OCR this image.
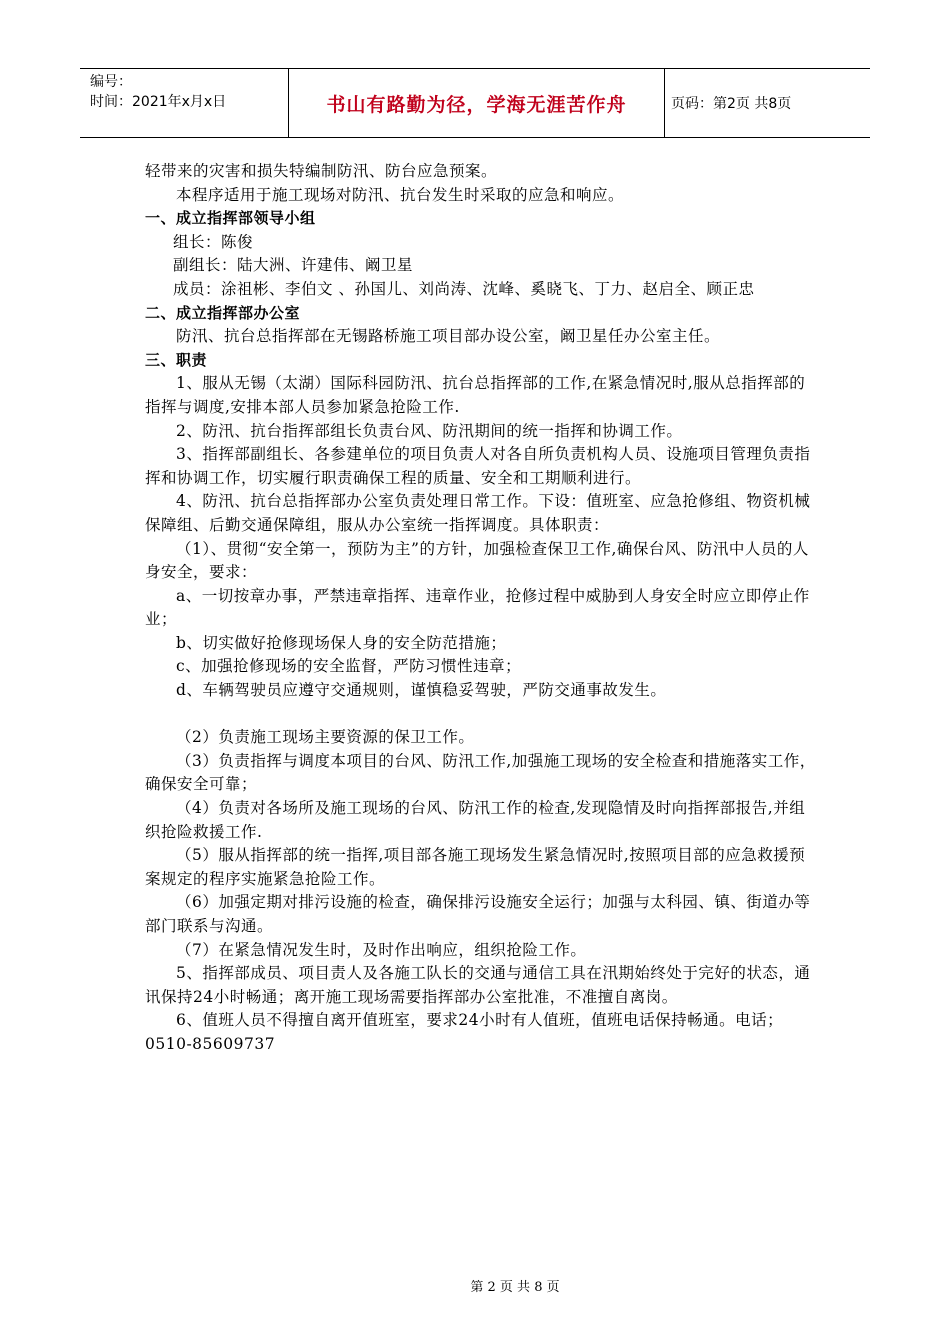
编号：
时间：2021年x月x日	书山有路勤为径，学海无涯苦作舟	页码：第2页 共8页

轻带来的灾害和损失特编制防汛、防台应急预案。

本程序适用于施工现场对防汛、抗台发生时采取的应急和响应。

一、成立指挥部领导小组

组长：陈俊

副组长：陆大洲、许建伟、阚卫星

成员： 涂祖彬、李伯文 、孙国儿、刘尚涛、沈峰、奚晓飞、丁力、赵启全、顾正忠

二、成立指挥部办公室

防汛、抗台总指挥部在无锡路桥施工项目部办设公室，阚卫星任办公室主任。

三、职责

1、服从无锡（太湖）国际科园防汛、抗台总指挥部的工作,在紧急情况时,服从总指挥部的指挥与调度,安排本部人员参加紧急抢险工作.

2、防汛、抗台指挥部组长负责台风、防汛期间的统一指挥和协调工作。

3、指挥部副组长、各参建单位的项目负责人对各自所负责机构人员、设施项目管理负责指挥和协调工作，切实履行职责确保工程的质量、安全和工期顺利进行。

4、防汛、抗台总指挥部办公室负责处理日常工作。下设：值班室、应急抢修组、物资机械保障组、后勤交通保障组，服从办公室统一指挥调度。具体职责：

（1）、贯彻“安全第一，预防为主”的方针，加强检查保卫工作,确保台风、防汛中人员的人身安全，要求：

a、一切按章办事，严禁违章指挥、违章作业，抢修过程中威胁到人身安全时应立即停止作业；

b、切实做好抢修现场保人身的安全防范措施；

c、加强抢修现场的安全监督，严防习惯性违章；

d、车辆驾驶员应遵守交通规则，谨慎稳妥驾驶，严防交通事故发生。

（2）负责施工现场主要资源的保卫工作。

（3）负责指挥与调度本项目的台风、防汛工作,加强施工现场的安全检查和措施落实工作， 确保安全可靠；

（4）负责对各场所及施工现场的台风、防汛工作的检查,发现隐情及时向指挥部报告,并组织抢险救援工作.

（5）服从指挥部的统一指挥,项目部各施工现场发生紧急情况时,按照项目部的应急救援预案规定的程序实施紧急抢险工作。

（6）加强定期对排污设施的检查，确保排污设施安全运行；加强与太科园、镇、街道办等部门联系与沟通。

（7）在紧急情况发生时，及时作出响应，组织抢险工作。

5、指挥部成员、项目责人及各施工队长的交通与通信工具在汛期始终处于完好的状态，通讯保持24小时畅通；离开施工现场需要指挥部办公室批准，不准擅自离岗。

6、值班人员不得擅自离开值班室，要求24小时有人值班，值班电话保持畅通。电话；0510-85609737

第 2 页 共 8 页
